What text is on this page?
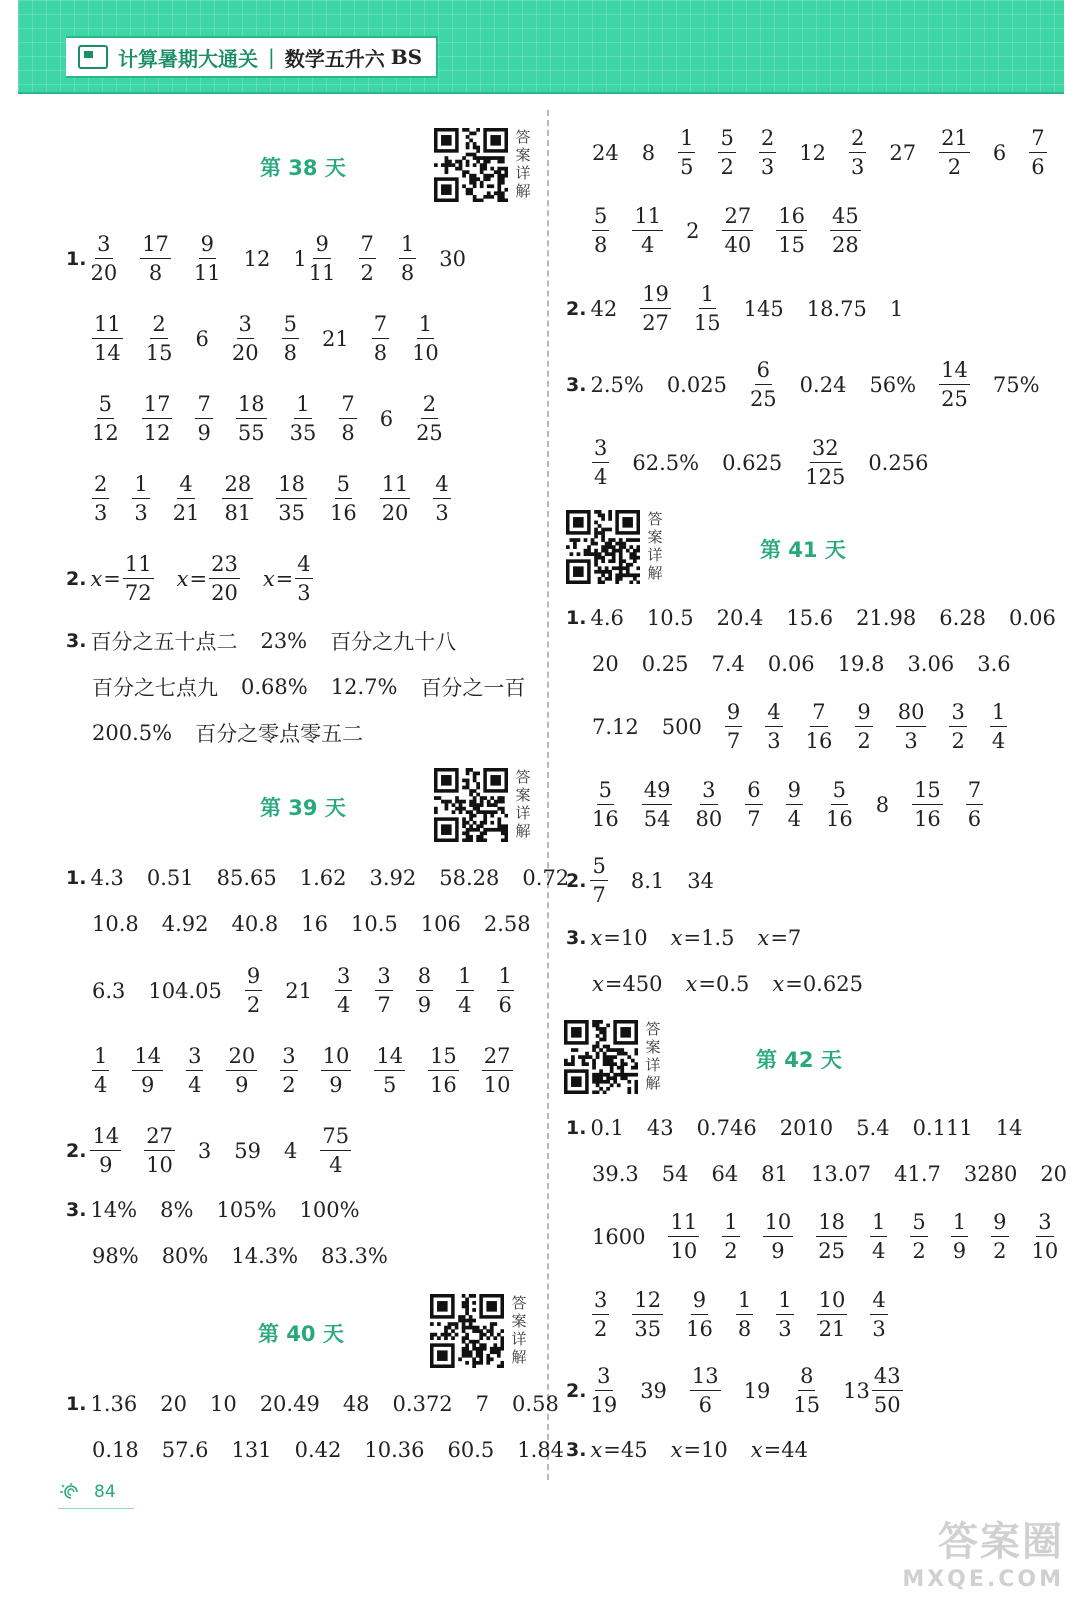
计算暑期大通关 | 数学五升六 BS
第 38 天
第 39 天
第 40 天
第 41 天
第 42 天
答
案
详
解
答
案
详
解
答
案
详
解
答
案
详
解
答
案
详
解
1. $\frac{3}{20} \frac{17}{8} \frac{9}{11} 12$ $1 \frac{9}{11} \frac{7}{2} \frac{1}{8} 30$
$\frac{11}{14} \frac{2}{15} 6 \frac{3}{20} \frac{5}{8} 21 \frac{7}{8} \frac{1}{10}$
$\frac{5}{12} \frac{17}{12} \frac{7}{9} \frac{18}{55} \frac{1}{35} \frac{7}{8} 6 \frac{2}{25}$
$\frac{2}{3} \frac{1}{3} \frac{4}{21} \frac{28}{81} \frac{18}{35} \frac{5}{16} \frac{11}{20} \frac{4}{3}$
2. $x = \frac{11}{72}$ $x = \frac{23}{20}$ $x = \frac{4}{3}$
3. 百分之五十点二 23% 百分之九十八
百分之七点九 0.68% 12.7% 百分之一百
200.5% 百分之零点零五二
1. 4.3 0.51 85.65 1.62 3.92 58.28 0.72
10.8 4.92 40.8 16 10.5 106 2.58
6.3 $104.05 \frac{9}{2} 21 \frac{3}{4} \frac{3}{7} \frac{8}{9} \frac{1}{4} \frac{1}{6}$
$\frac{1}{4} \frac{14}{9} \frac{3}{4} \frac{20}{9} \frac{3}{2} \frac{10}{9} \frac{14}{5} \frac{15}{16} \frac{27}{10}$
2. $\frac{14}{9} \frac{27}{10} 3$ 59 $4 \frac{75}{4}$
3. 14% 8% 105% 100%
98% 80% 14.3% 83.3%
1. 1.36 20 10 20.49 48 0.372 7 0.58
0.18 57.6 131 0.42 10.36 60.5 1.84
24 $8 \frac{1}{5} \frac{5}{2} \frac{2}{3} 12 \frac{2}{3} 27 \frac{21}{2} 6 \frac{7}{6}$
$\frac{5}{8} \frac{11}{4} 2 \frac{27}{40} \frac{16}{15} \frac{45}{28}$
2. $42 \frac{19}{27} \frac{1}{15} 145$ 18.75 1
3. 2.5% $0.025 \frac{6}{25} 0.24$ $56\% \frac{14}{25} 75\%$
$\frac{3}{4} 62.5\%$ $0.625 \frac{32}{125} 0.256$
1. 4.6 10.5 20.4 15.6 21.98 6.28 0.06
20 0.25 7.4 0.06 19.8 3.06 3.6
7.12 $500 \frac{9}{7} \frac{4}{3} \frac{7}{16} \frac{9}{2} \frac{80}{3} \frac{3}{2} \frac{1}{4}$
$\frac{5}{16} \frac{49}{54} \frac{3}{80} \frac{6}{7} \frac{9}{4} \frac{5}{16} 8 \frac{15}{16} \frac{7}{6}$
2. $\frac{5}{7} 8.1$ 34
3. x =10 x =1.5 x =7
x =450 x =0.5 x =0.625
1. 0.1 43 0.746 2010 5.4 0.111 14
39.3 54 64 81 13.07 41.7 3280 20
$1600 \frac{11}{10} \frac{1}{2} \frac{10}{9} \frac{18}{25} \frac{1}{4} \frac{5}{2} \frac{1}{9} \frac{9}{2} \frac{3}{10}$
$\frac{3}{2} \frac{12}{35} \frac{9}{16} \frac{1}{8} \frac{1}{3} \frac{10}{21} \frac{4}{3}$
2. $\frac{3}{19} 39 \frac{13}{6} 19 \frac{8}{15} 13 \frac{43}{50}$
3. x =45 x =10 x =44
84
答案圈
MXQE.COM
